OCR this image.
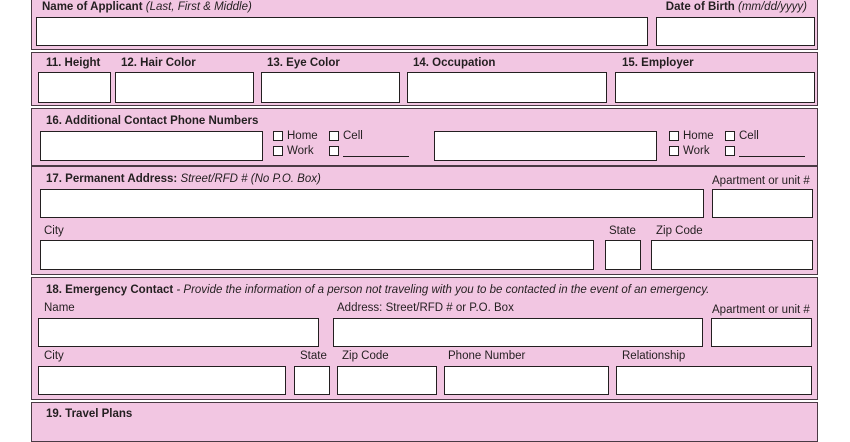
Name of Applicant (Last, First & Middle)	Date of Birth (mm/dd/yyyy)
11. Height 12. Hair Color	13. Eye Color	14. Occupation	15. Employer
16. Additional Contact Phone Numbers
Home Cell
Work
Home Cell
Work
17. Permanent Address: Street/RFD # (No P.O. Box)	Apartment or unit #
City	State Zip Code
18. Emergency Contact - Provide the information of a person not traveling with you to be contacted in the event of an emergency.
Name	Address: Street/RFD # or P.O. Box	Apartment or unit #
City	State Zip Code	Phone Number	Relationship
19. Travel Plans
